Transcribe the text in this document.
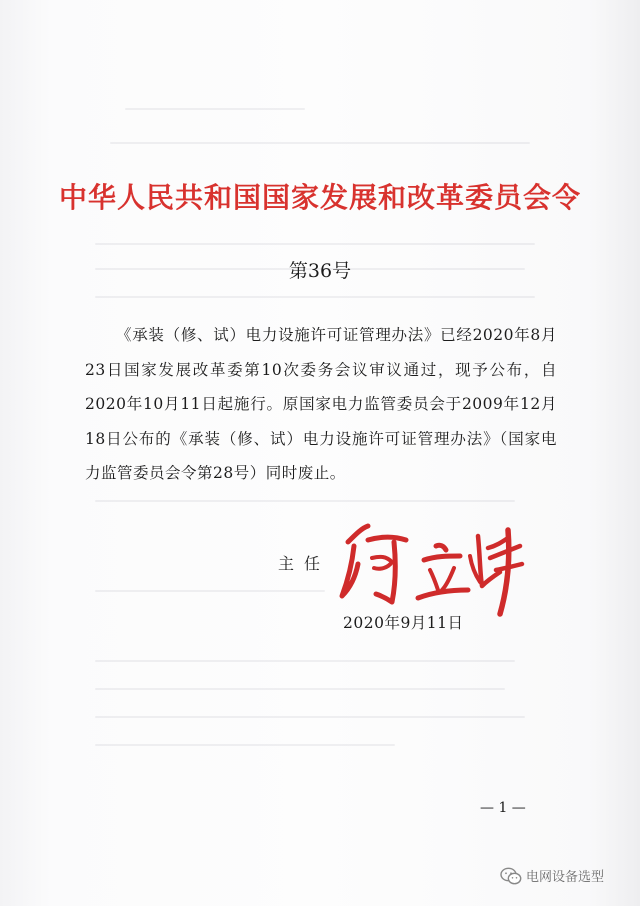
中华人民共和国国家发展和改革委员会令
第36号
《承装（修、试）电力设施许可证管理办法》已经2020年8月23日国家发展改革委第10次委务会议审议通过，现予公布，自2020年10月11日起施行。原国家电力监管委员会于2009年12月18日公布的《承装（修、试）电力设施许可证管理办法》（国家电力监管委员会令第28号）同时废止。
主任
2020年9月11日
— 1 —
电网设备选型
